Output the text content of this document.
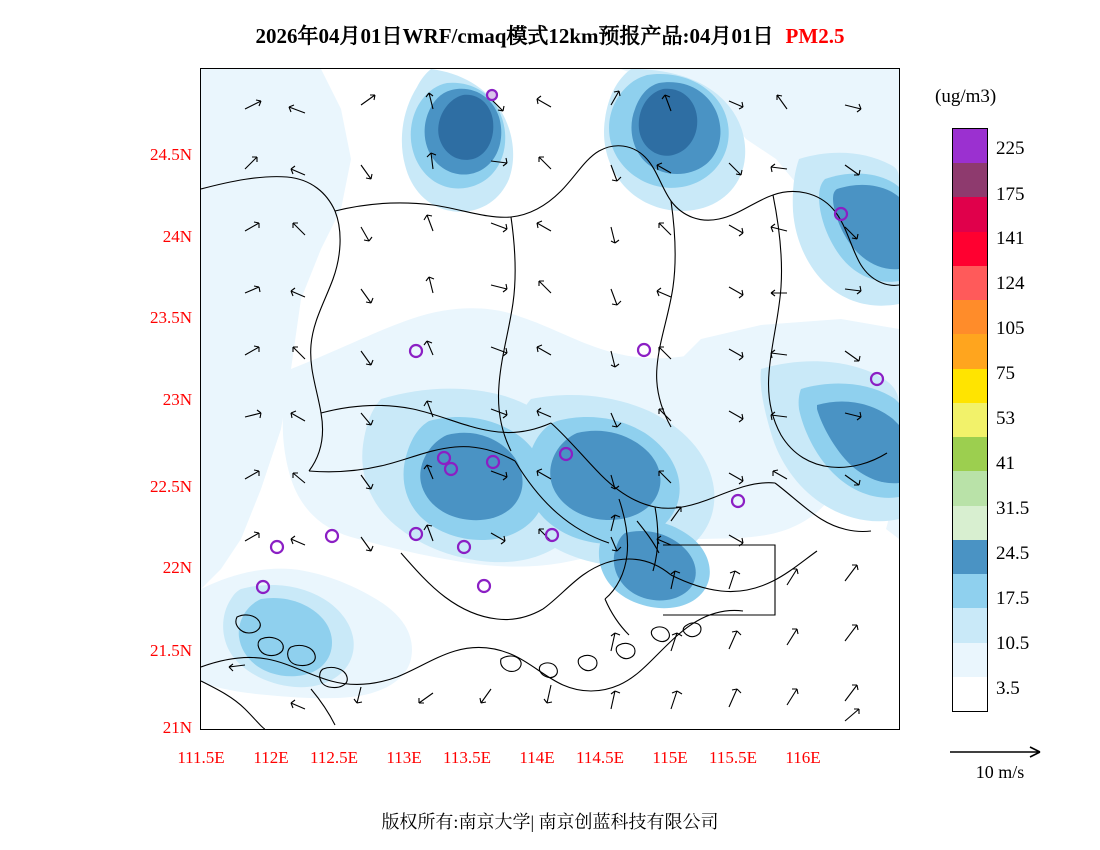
2026年04月01日WRF/cmaq模式12km预报产品:04月01日 PM2.5
24.5N
24N
23.5N
23N
22.5N
22N
21.5N
21N
111.5E	112E	112.5E	113E	113.5E	114E	114.5E	115E	115.5E	116E
(ug/m3)
225
175
141
124
105
75
53
41
31.5
24.5
17.5
10.5
3.5
10 m/s
版权所有:南京大学| 南京创蓝科技有限公司
